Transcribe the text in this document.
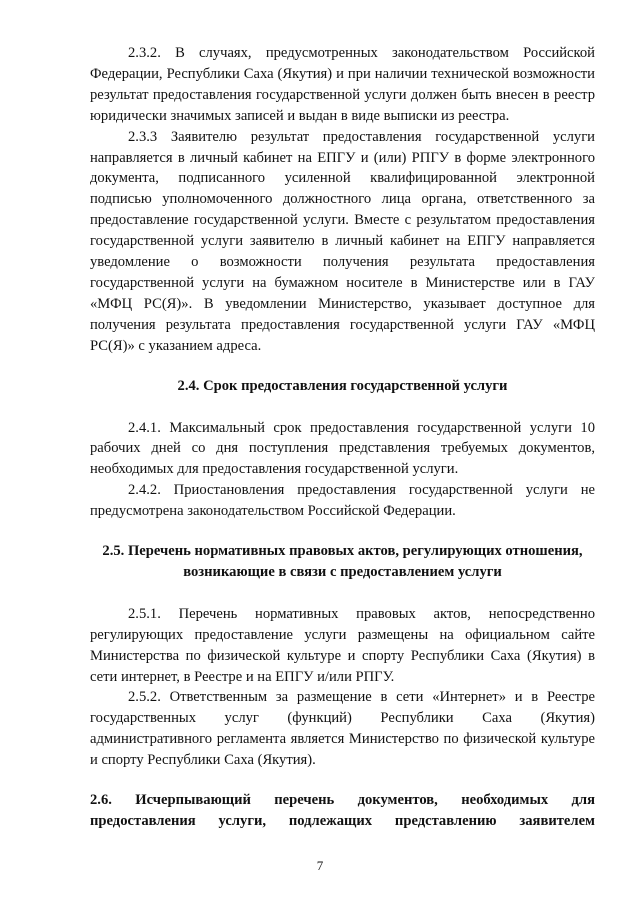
2.3.2. В случаях, предусмотренных законодательством Российской Федерации, Республики Саха (Якутия) и при наличии технической возможности результат предоставления государственной услуги должен быть внесен в реестр юридически значимых записей и выдан в виде выписки из реестра.

2.3.3 Заявителю результат предоставления государственной услуги направляется в личный кабинет на ЕПГУ и (или) РПГУ в форме электронного документа, подписанного усиленной квалифицированной электронной подписью уполномоченного должностного лица органа, ответственного за предоставление государственной услуги. Вместе с результатом предоставления государственной услуги заявителю в личный кабинет на ЕПГУ направляется уведомление о возможности получения результата предоставления государственной услуги на бумажном носителе в Министерстве или в ГАУ «МФЦ РС(Я)». В уведомлении Министерство, указывает доступное для получения результата предоставления государственной услуги ГАУ «МФЦ РС(Я)» с указанием адреса.

2.4. Срок предоставления государственной услуги

2.4.1. Максимальный срок предоставления государственной услуги 10 рабочих дней со дня поступления представления требуемых документов, необходимых для предоставления государственной услуги.

2.4.2. Приостановления предоставления государственной услуги не предусмотрена законодательством Российской Федерации.

2.5. Перечень нормативных правовых актов, регулирующих отношения,

возникающие в связи с предоставлением услуги

2.5.1. Перечень нормативных правовых актов, непосредственно регулирующих предоставление услуги размещены на официальном сайте Министерства по физической культуре и спорту Республики Саха (Якутия) в сети интернет, в Реестре и на ЕПГУ и/или РПГУ.

2.5.2. Ответственным за размещение в сети «Интернет» и в Реестре государственных услуг (функций) Республики Саха (Якутия) административного регламента является Министерство по физической культуре и спорту Республики Саха (Якутия).

2.6. Исчерпывающий перечень документов, необходимых для

предоставления услуги, подлежащих представлению заявителем

7
